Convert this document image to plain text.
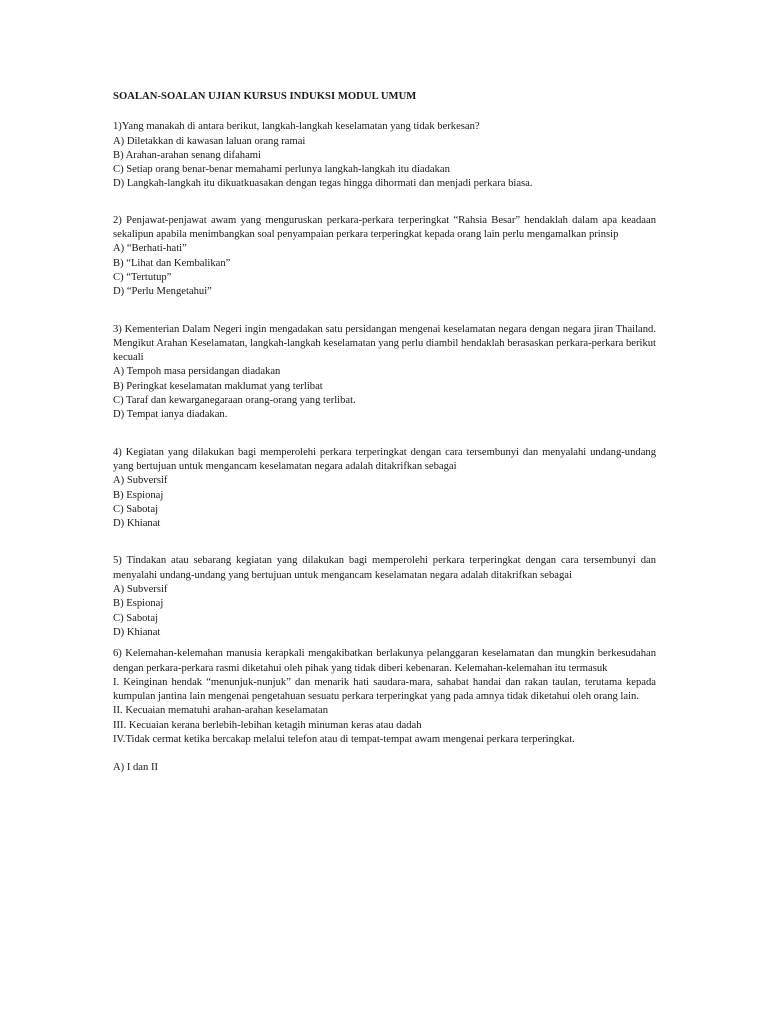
SOALAN-SOALAN UJIAN KURSUS INDUKSI MODUL UMUM

1)Yang manakah di antara berikut, langkah-langkah keselamatan yang tidak berkesan?

A) Diletakkan di kawasan laluan orang ramai

B) Arahan-arahan senang difahami

C) Setiap orang benar-benar memahami perlunya langkah-langkah itu diadakan

D) Langkah-langkah itu dikuatkuasakan dengan tegas hingga dihormati dan menjadi perkara biasa.

2) Penjawat-penjawat awam yang menguruskan perkara-perkara terperingkat “Rahsia Besar” hendaklah dalam apa keadaan sekalipun apabila menimbangkan soal penyampaian perkara terperingkat kepada orang lain perlu mengamalkan prinsip

A) “Berhati-hati”

B) “Lihat dan Kembalikan”

C) “Tertutup”

D) “Perlu Mengetahui”

3) Kementerian Dalam Negeri ingin mengadakan satu persidangan mengenai keselamatan negara dengan negara jiran Thailand. Mengikut Arahan Keselamatan, langkah-langkah keselamatan yang perlu diambil hendaklah berasaskan perkara-perkara berikut kecuali

A) Tempoh masa persidangan diadakan

B) Peringkat keselamatan maklumat yang terlibat

C) Taraf dan kewarganegaraan orang-orang yang terlibat.

D) Tempat ianya diadakan.

4) Kegiatan yang dilakukan bagi memperolehi perkara terperingkat dengan cara tersembunyi dan menyalahi undang-undang yang bertujuan untuk mengancam keselamatan negara adalah ditakrifkan sebagai

A) Subversif

B) Espionaj

C) Sabotaj

D) Khianat

5) Tindakan atau sebarang kegiatan yang dilakukan bagi memperolehi perkara terperingkat dengan cara tersembunyi dan menyalahi undang-undang yang bertujuan untuk mengancam keselamatan negara adalah ditakrifkan sebagai

A) Subversif

B) Espionaj

C) Sabotaj

D) Khianat

6) Kelemahan-kelemahan manusia kerapkali mengakibatkan berlakunya pelanggaran keselamatan dan mungkin berkesudahan dengan perkara-perkara rasmi diketahui oleh pihak yang tidak diberi kebenaran. Kelemahan-kelemahan itu termasuk

I. Keinginan hendak “menunjuk-nunjuk” dan menarik hati saudara-mara, sahabat handai dan rakan taulan, terutama kepada kumpulan jantina lain mengenai pengetahuan sesuatu perkara terperingkat yang pada amnya tidak diketahui oleh orang lain.

II. Kecuaian mematuhi arahan-arahan keselamatan

III. Kecuaian kerana berlebih-lebihan ketagih minuman keras atau dadah

IV.Tidak cermat ketika bercakap melalui telefon atau di tempat-tempat awam mengenai perkara terperingkat.

A) I dan II
